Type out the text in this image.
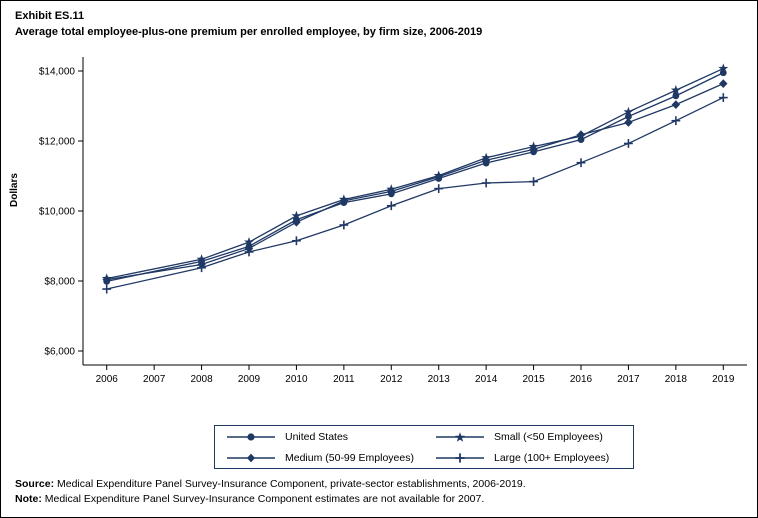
Exhibit ES.11
Average total employee-plus-one premium per enrolled employee, by firm size, 2006-2019
Dollars
$6,000
$8,000
$10,000
$12,000
$14,000
2006	2007	2008	2009	2010	2011	2012	2013	2014	2015	2016	2017	2018	2019
United States	Small (<50 Employees)
Medium (50-99 Employees)	Large (100+ Employees)
Source: Medical Expenditure Panel Survey-Insurance Component, private-sector establishments, 2006-2019.
Note: Medical Expenditure Panel Survey-Insurance Component estimates are not available for 2007.
